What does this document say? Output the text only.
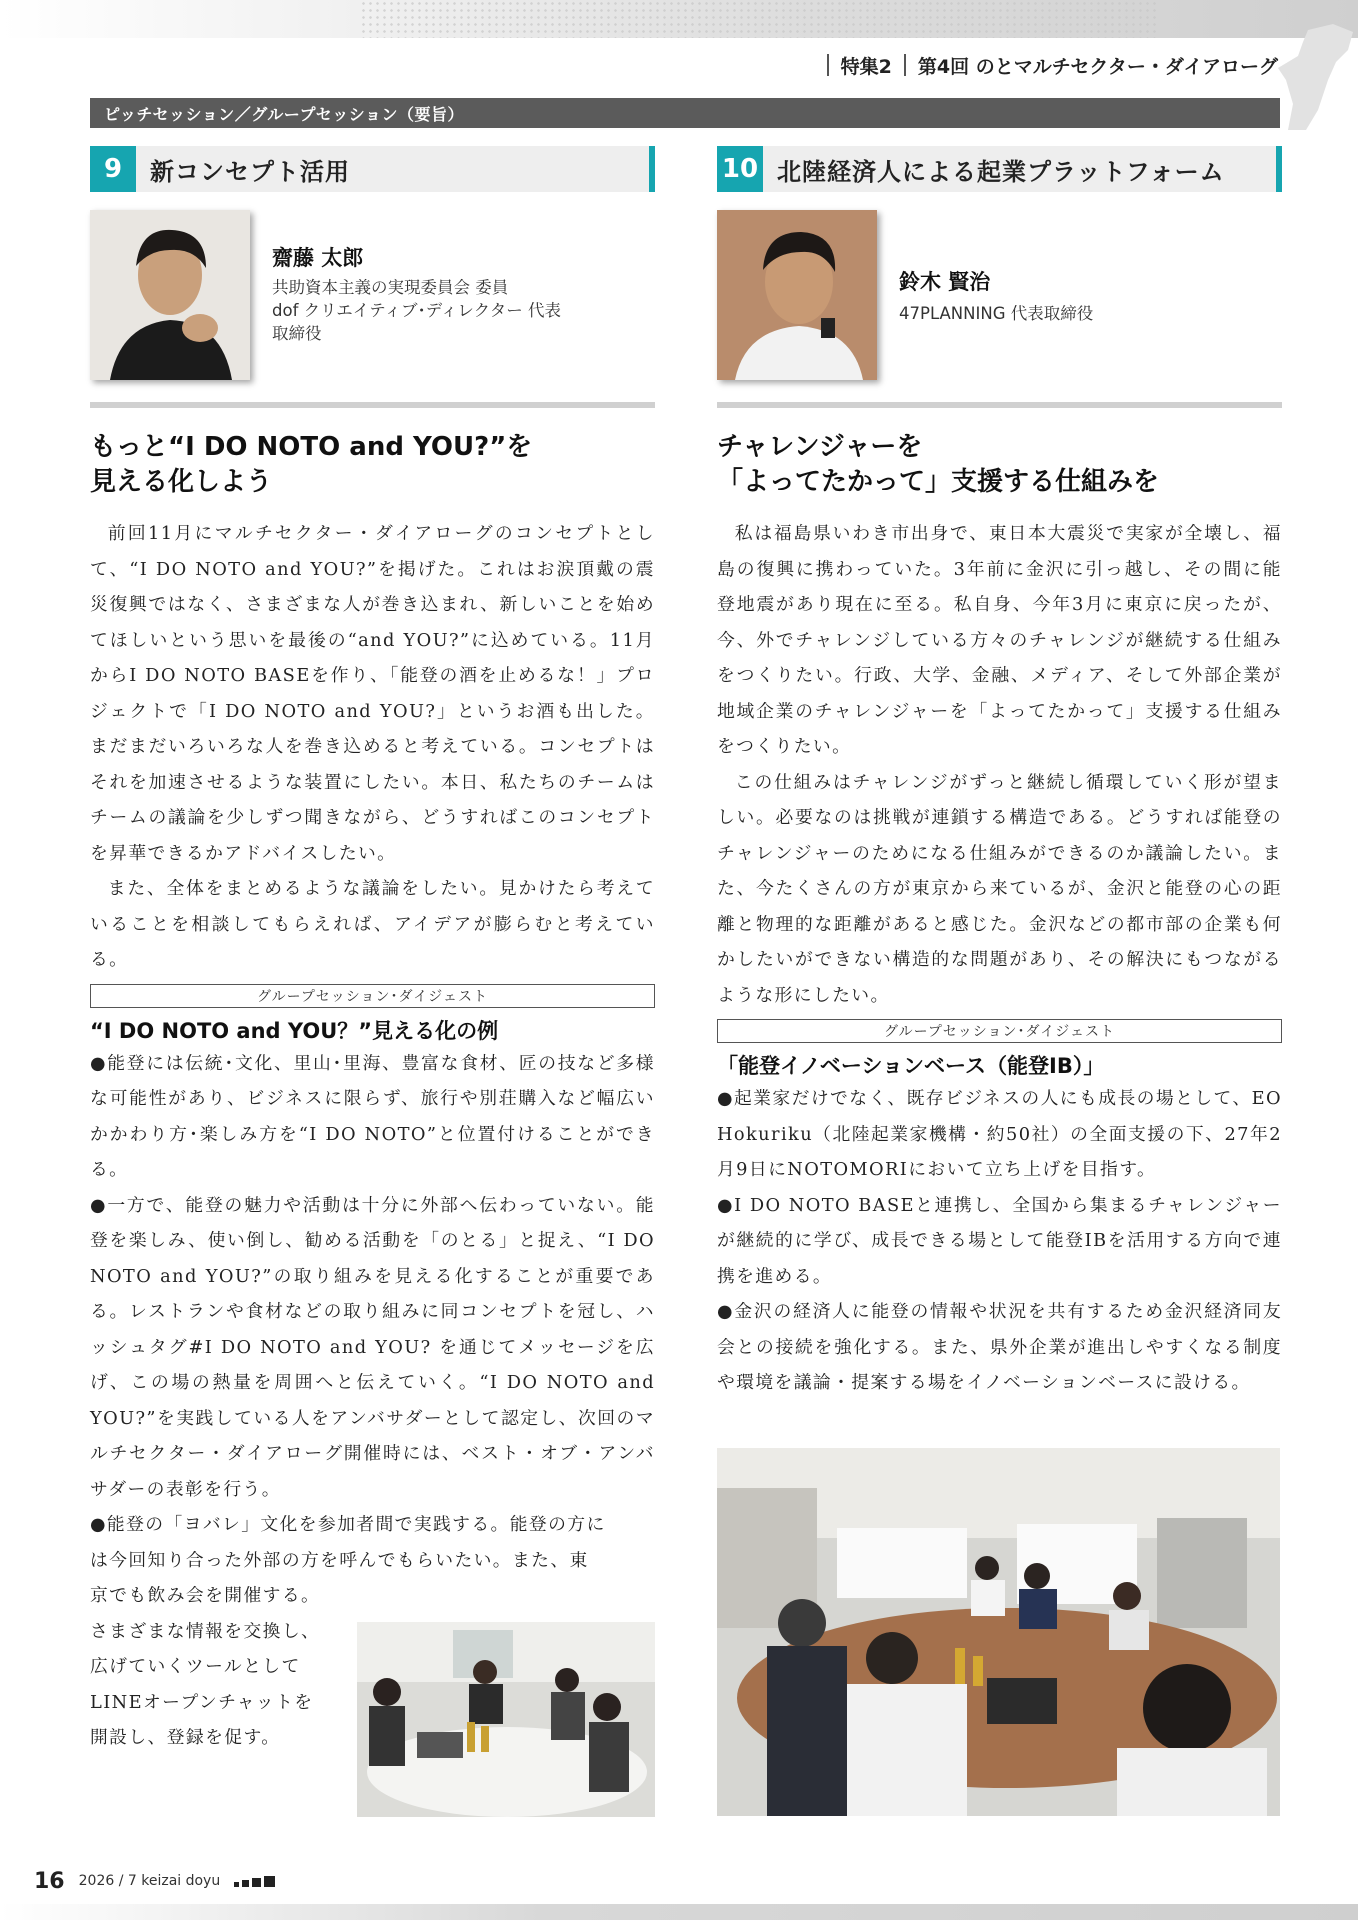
特集2 第4回 のとマルチセクター・ダイアローグ
ピッチセッション／グループセッション（要旨）
9	新コンセプト活用
齋藤 太郎
共助資本主義の実現委員会 委員
dof クリエイティブ･ディレクター 代表
取締役
もっと“I DO NOTO and YOU?”を
見える化しよう

前回11月にマルチセクター・ダイアローグのコンセプトとして、“I DO NOTO and YOU?”を掲げた。これはお涙頂戴の震災復興ではなく、さまざまな人が巻き込まれ、新しいことを始めてほしいという思いを最後の“and YOU?”に込めている。11月からI DO NOTO BASEを作り、「能登の酒を止めるな！」プロジェクトで「I DO NOTO and YOU?」というお酒も出した。まだまだいろいろな人を巻き込めると考えている。コンセプトはそれを加速させるような装置にしたい。本日、私たちのチームはチームの議論を少しずつ聞きながら、どうすればこのコンセプトを昇華できるかアドバイスしたい。

また、全体をまとめるような議論をしたい。見かけたら考えていることを相談してもらえれば、アイデアが膨らむと考えている。

グループセッション･ダイジェスト
“I DO NOTO and YOU？”見える化の例

●能登には伝統･文化、里山･里海、豊富な食材、匠の技など多様な可能性があり、ビジネスに限らず、旅行や別荘購入など幅広いかかわり方･楽しみ方を“I DO NOTO”と位置付けることができる。

●一方で、能登の魅力や活動は十分に外部へ伝わっていない。能登を楽しみ、使い倒し、勧める活動を「のとる」と捉え、“I DO NOTO and YOU?”の取り組みを見える化することが重要である。レストランや食材などの取り組みに同コンセプトを冠し、ハッシュタグ#I DO NOTO and YOU? を通じてメッセージを広げ、この場の熱量を周囲へと伝えていく。“I DO NOTO and YOU?”を実践している人をアンバサダーとして認定し、次回のマルチセクター・ダイアローグ開催時には、ベスト・オブ・アンバサダーの表彰を行う。

●能登の「ヨバレ」文化を参加者間で実践する。能登の方に
は今回知り合った外部の方を呼んでもらいたい。また、東
京でも飲み会を開催する。
さまざまな情報を交換し、
広げていくツールとして
LINEオープンチャットを
開設し、登録を促す。
10 北陸経済人による起業プラットフォーム
鈴木 賢治
47PLANNING 代表取締役
チャレンジャーを
「よってたかって」支援する仕組みを

私は福島県いわき市出身で、東日本大震災で実家が全壊し、福島の復興に携わっていた。3年前に金沢に引っ越し、その間に能登地震があり現在に至る。私自身、今年3月に東京に戻ったが、今、外でチャレンジしている方々のチャレンジが継続する仕組みをつくりたい。行政、大学、金融、メディア、そして外部企業が地域企業のチャレンジャーを「よってたかって」支援する仕組みをつくりたい。

この仕組みはチャレンジがずっと継続し循環していく形が望ましい。必要なのは挑戦が連鎖する構造である。どうすれば能登のチャレンジャーのためになる仕組みができるのか議論したい。また、今たくさんの方が東京から来ているが、金沢と能登の心の距離と物理的な距離があると感じた。金沢などの都市部の企業も何かしたいができない構造的な問題があり、その解決にもつながるような形にしたい。

グループセッション･ダイジェスト
「能登イノベーションベース（能登IB）」

●起業家だけでなく、既存ビジネスの人にも成長の場として、EO Hokuriku（北陸起業家機構・約50社）の全面支援の下、27年2月9日にNOTOMORIにおいて立ち上げを目指す。

●I DO NOTO BASEと連携し、全国から集まるチャレンジャーが継続的に学び、成長できる場として能登IBを活用する方向で連携を進める。

●金沢の経済人に能登の情報や状況を共有するため金沢経済同友会との接続を強化する。また、県外企業が進出しやすくなる制度や環境を議論・提案する場をイノベーションベースに設ける。

16 2026 / 7 keizai doyu
